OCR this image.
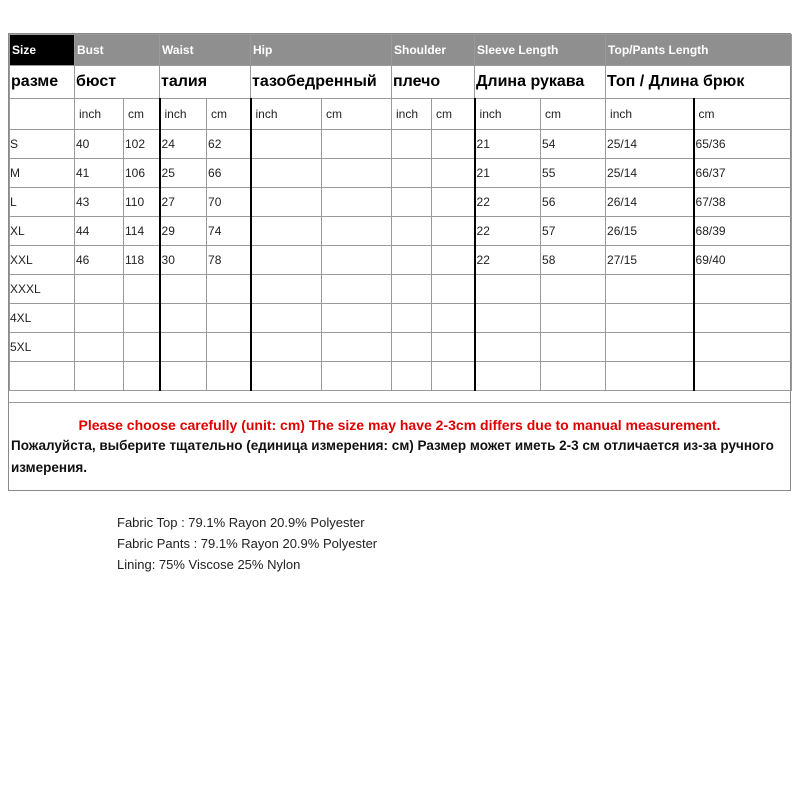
Size	Bust		Waist		Hip		Shoulder		Sleeve Length		Top/Pants Length	
разме	бюст		талия		тазобедренный		плечо		Длина рукава		Топ / Длина брюк	
	inch	cm	inch	cm	inch	cm	inch	cm	inch	cm	inch	cm
S	40	102	24	62					21	54	25/14	65/36
M	41	106	25	66					21	55	25/14	66/37
L	43	110	27	70					22	56	26/14	67/38
XL	44	114	29	74					22	57	26/15	68/39
XXL	46	118	30	78					22	58	27/15	69/40
XXXL												
4XL												
5XL												

Please choose carefully (unit: cm) The size may have 2-3cm differs due to manual measurement.
Пожалуйста, выберите тщательно (единица измерения: см) Размер может иметь 2-3 см отличается из-за ручного измерения.
Fabric Top : 79.1% Rayon 20.9% Polyester
Fabric Pants : 79.1% Rayon 20.9% Polyester
Lining: 75% Viscose 25% Nylon
